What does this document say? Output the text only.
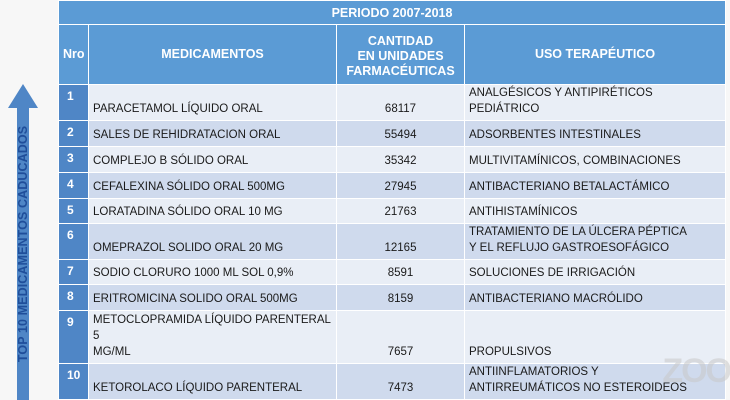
TOP 10 MEDICAMENTOS CADUCADOS
PERIODO 2007-2018			
Nro	MEDICAMENTOS	CANTIDAD
EN UNIDADES
FARMACÉUTICAS	USO TERAPÉUTICO
1	PARACETAMOL LÍQUIDO ORAL	68117	ANALGÉSICOS Y ANTIPIRÉTICOS PEDIÁTRICO

2	SALES DE REHIDRATACION ORAL	55494	ADSORBENTES INTESTINALES

3	COMPLEJO B SÓLIDO ORAL	35342	MULTIVITAMÍNICOS, COMBINACIONES

4	CEFALEXINA SÓLIDO ORAL 500MG	27945	ANTIBACTERIANO BETALACTÁMICO

5	LORATADINA SÓLIDO ORAL 10 MG	21763	ANTIHISTAMÍNICOS

6	OMEPRAZOL SOLIDO ORAL 20 MG	12165	TRATAMIENTO DE LA ÚLCERA PÉPTICA
Y EL REFLUJO GASTROESOFÁGICO

7	SODIO CLORURO 1000 ML SOL 0,9%	8591	SOLUCIONES DE IRRIGACIÓN

8	ERITROMICINA SOLIDO ORAL 500MG	8159	ANTIBACTERIANO MACRÓLIDO

9	METOCLOPRAMIDA LÍQUIDO PARENTERAL 5
MG/ML	7657	PROPULSIVOS

10	KETOROLACO LÍQUIDO PARENTERAL	7473	ANTIINFLAMATORIOS Y
ANTIRREUMÁTICOS NO ESTEROIDEOS
ZOO
